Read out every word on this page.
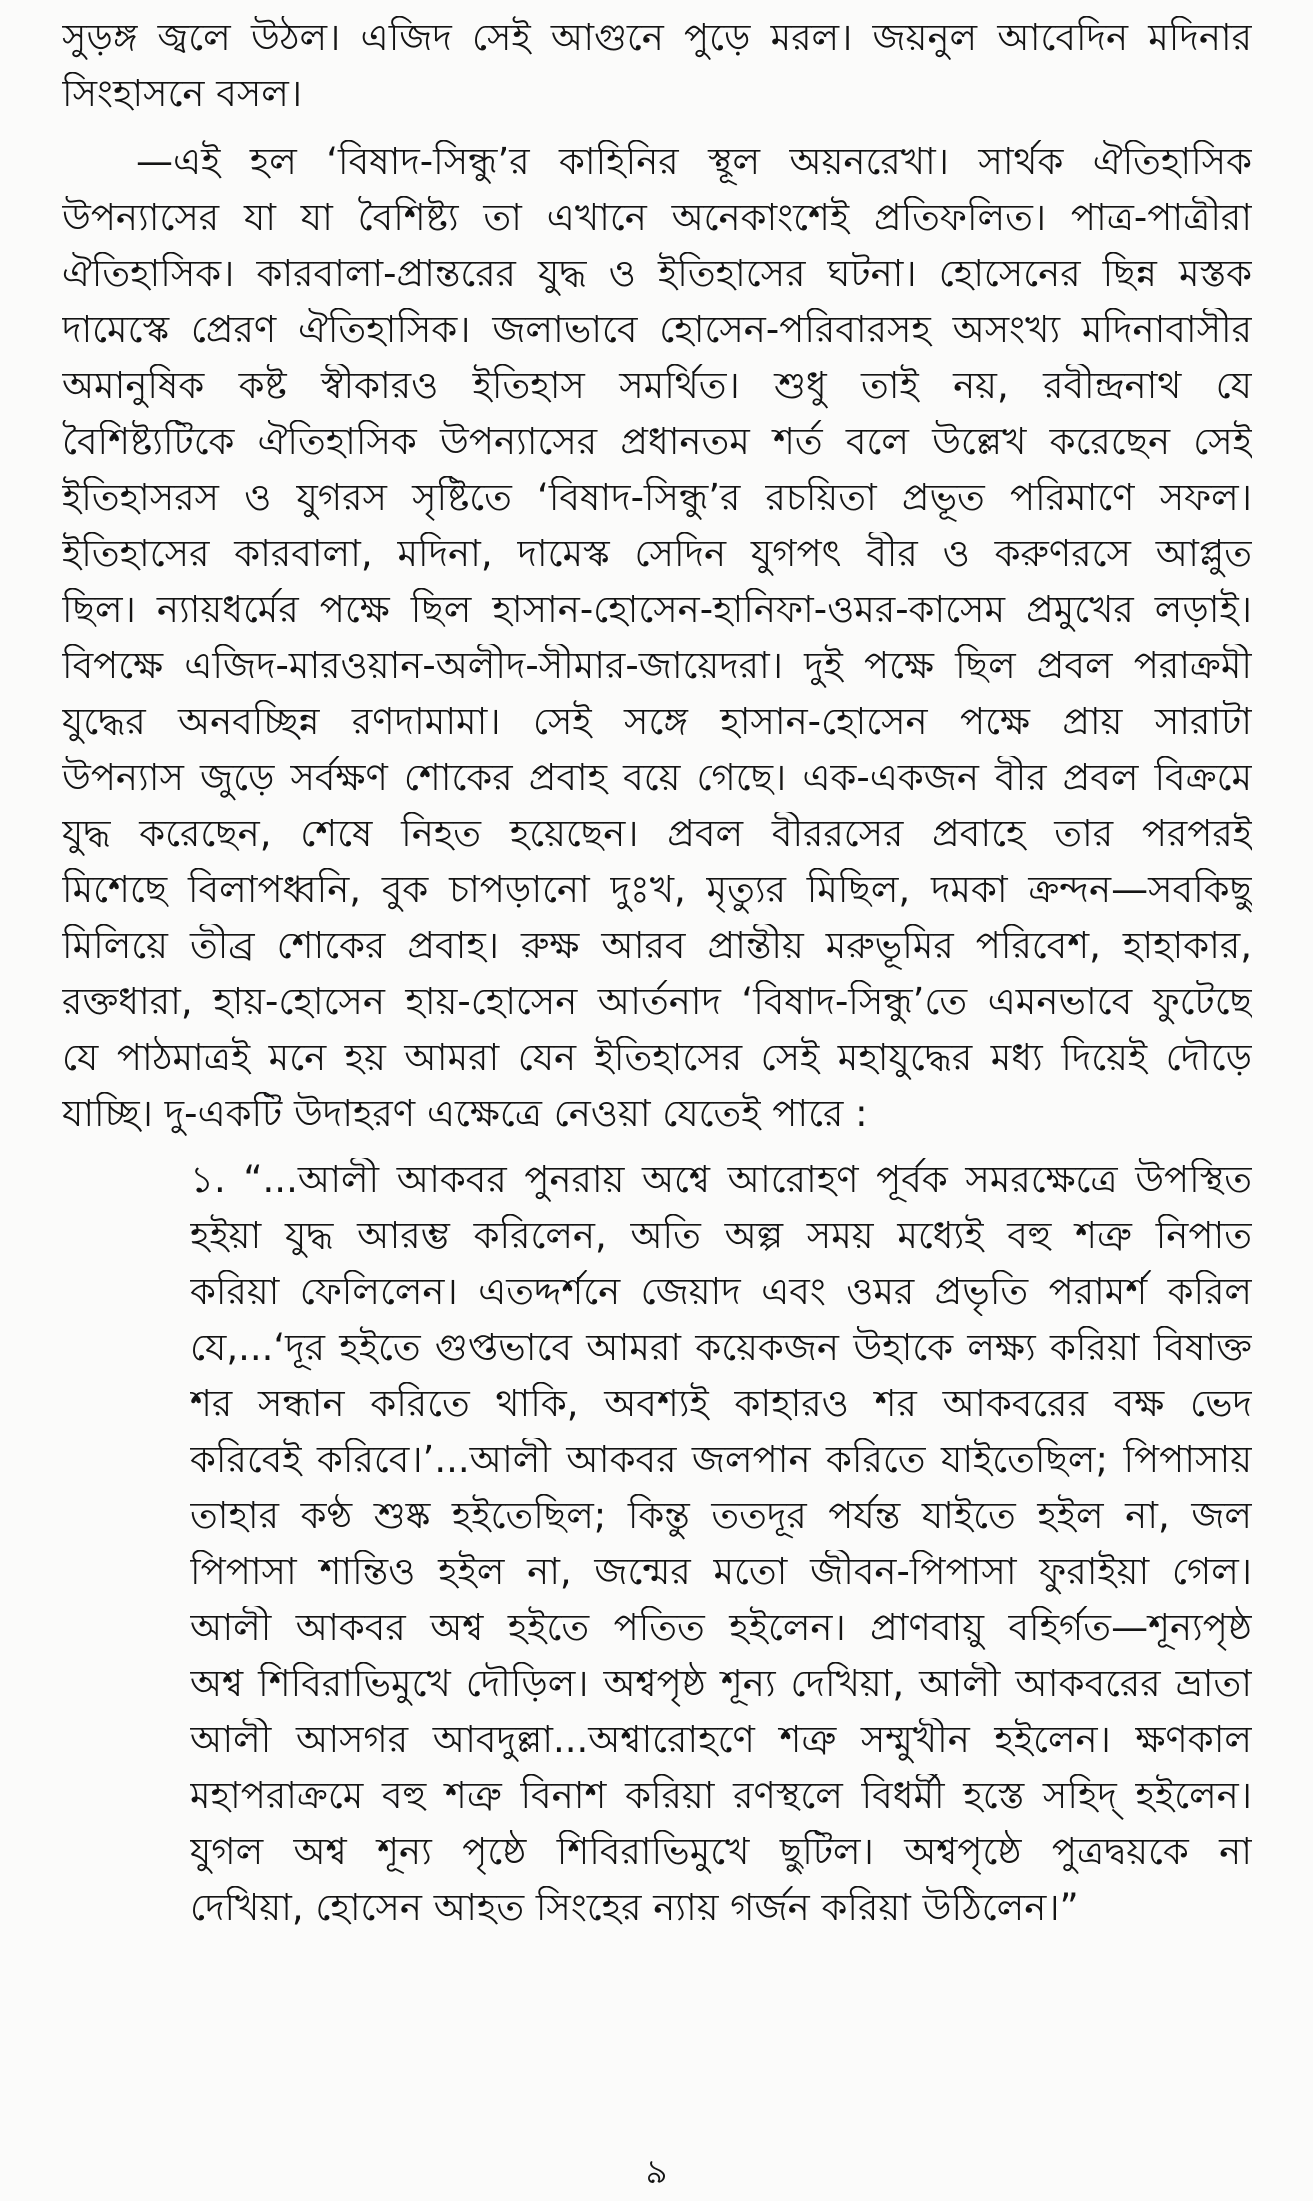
সুড়ঙ্গ জ্বলে উঠল। এজিদ সেই আগুনে পুড়ে মরল। জয়নুল আবেদিন মদিনার
সিংহাসনে বসল।
—এই হল ‘বিষাদ-সিন্ধু’র কাহিনির স্থূল অয়নরেখা। সার্থক ঐতিহাসিক
উপন্যাসের যা যা বৈশিষ্ট্য তা এখানে অনেকাংশেই প্রতিফলিত। পাত্র-পাত্রীরা
ঐতিহাসিক। কারবালা-প্রান্তরের যুদ্ধ ও ইতিহাসের ঘটনা। হোসেনের ছিন্ন মস্তক
দামেস্কে প্রেরণ ঐতিহাসিক। জলাভাবে হোসেন-পরিবারসহ অসংখ্য মদিনাবাসীর
অমানুষিক কষ্ট স্বীকারও ইতিহাস সমর্থিত। শুধু তাই নয়, রবীন্দ্রনাথ যে
বৈশিষ্ট্যটিকে ঐতিহাসিক উপন্যাসের প্রধানতম শর্ত বলে উল্লেখ করেছেন সেই
ইতিহাসরস ও যুগরস সৃষ্টিতে ‘বিষাদ-সিন্ধু’র রচয়িতা প্রভূত পরিমাণে সফল।
ইতিহাসের কারবালা, মদিনা, দামেস্ক সেদিন যুগপৎ বীর ও করুণরসে আপ্লুত
ছিল। ন্যায়ধর্মের পক্ষে ছিল হাসান-হোসেন-হানিফা-ওমর-কাসেম প্রমুখের লড়াই।
বিপক্ষে এজিদ-মারওয়ান-অলীদ-সীমার-জায়েদরা। দুই পক্ষে ছিল প্রবল পরাক্রমী
যুদ্ধের অনবচ্ছিন্ন রণদামামা। সেই সঙ্গে হাসান-হোসেন পক্ষে প্রায় সারাটা
উপন্যাস জুড়ে সর্বক্ষণ শোকের প্রবাহ বয়ে গেছে। এক-একজন বীর প্রবল বিক্রমে
যুদ্ধ করেছেন, শেষে নিহত হয়েছেন। প্রবল বীররসের প্রবাহে তার পরপরই
মিশেছে বিলাপধ্বনি, বুক চাপড়ানো দুঃখ, মৃত্যুর মিছিল, দমকা ক্রন্দন—সবকিছু
মিলিয়ে তীব্র শোকের প্রবাহ। রুক্ষ আরব প্রান্তীয় মরুভূমির পরিবেশ, হাহাকার,
রক্তধারা, হায়-হোসেন হায়-হোসেন আর্তনাদ ‘বিষাদ-সিন্ধু’তে এমনভাবে ফুটেছে
যে পাঠমাত্রই মনে হয় আমরা যেন ইতিহাসের সেই মহাযুদ্ধের মধ্য দিয়েই দৌড়ে
যাচ্ছি। দু-একটি উদাহরণ এক্ষেত্রে নেওয়া যেতেই পারে :
১. “...আলী আকবর পুনরায় অশ্বে আরোহণ পূর্বক সমরক্ষেত্রে উপস্থিত
হইয়া যুদ্ধ আরম্ভ করিলেন, অতি অল্প সময় মধ্যেই বহু শত্রু নিপাত
করিয়া ফেলিলেন। এতদ্দর্শনে জেয়াদ এবং ওমর প্রভৃতি পরামর্শ করিল
যে,...‘দূর হইতে গুপ্তভাবে আমরা কয়েকজন উহাকে লক্ষ্য করিয়া বিষাক্ত
শর সন্ধান করিতে থাকি, অবশ্যই কাহারও শর আকবরের বক্ষ ভেদ
করিবেই করিবে।’...আলী আকবর জলপান করিতে যাইতেছিল; পিপাসায়
তাহার কণ্ঠ শুষ্ক হইতেছিল; কিন্তু ততদূর পর্যন্ত যাইতে হইল না, জল
পিপাসা শান্তিও হইল না, জন্মের মতো জীবন-পিপাসা ফুরাইয়া গেল।
আলী আকবর অশ্ব হইতে পতিত হইলেন। প্রাণবায়ু বহির্গত—শূন্যপৃষ্ঠ
অশ্ব শিবিরাভিমুখে দৌড়িল। অশ্বপৃষ্ঠ শূন্য দেখিয়া, আলী আকবরের ভ্রাতা
আলী আসগর আবদুল্লা...অশ্বারোহণে শত্রু সম্মুখীন হইলেন। ক্ষণকাল
মহাপরাক্রমে বহু শত্রু বিনাশ করিয়া রণস্থলে বিধর্মী হস্তে সহিদ্ হইলেন।
যুগল অশ্ব শূন্য পৃষ্ঠে শিবিরাভিমুখে ছুটিল। অশ্বপৃষ্ঠে পুত্রদ্বয়কে না
দেখিয়া, হোসেন আহত সিংহের ন্যায় গর্জন করিয়া উঠিলেন।”
৯
